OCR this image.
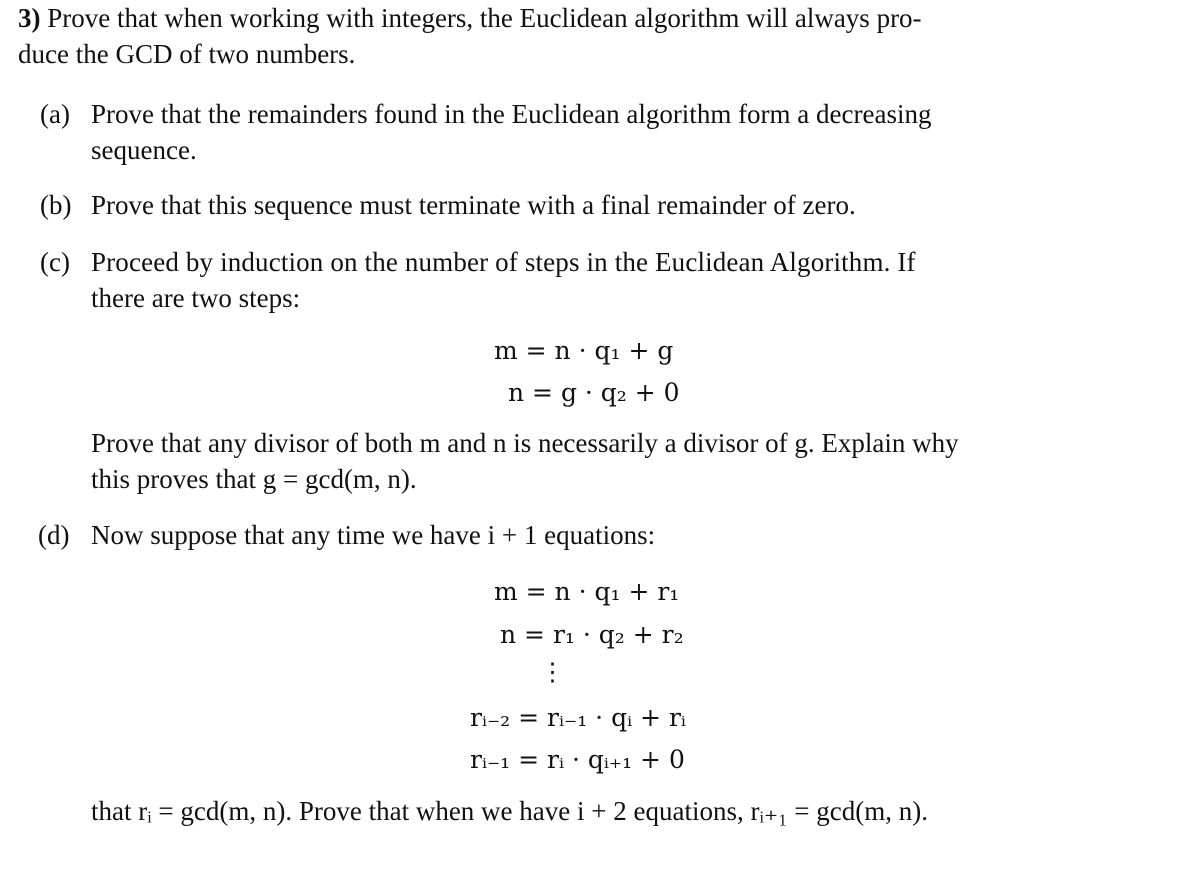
3) Prove that when working with integers, the Euclidean algorithm will always pro-
duce the GCD of two numbers.
(a) Prove that the remainders found in the Euclidean algorithm form a decreasing
sequence.
(b) Prove that this sequence must terminate with a final remainder of zero.
(c) Proceed by induction on the number of steps in the Euclidean Algorithm. If
there are two steps:
m = n · q₁ + g
n = g · q₂ + 0
Prove that any divisor of both m and n is necessarily a divisor of g. Explain why
this proves that g = gcd(m, n).
(d) Now suppose that any time we have i + 1 equations:
m = n · q₁ + r₁
n = r₁ · q₂ + r₂
⋮
rᵢ₋₂ = rᵢ₋₁ · qᵢ + rᵢ
rᵢ₋₁ = rᵢ · qᵢ₊₁ + 0
that rᵢ = gcd(m, n). Prove that when we have i + 2 equations, rᵢ₊₁ = gcd(m, n).
